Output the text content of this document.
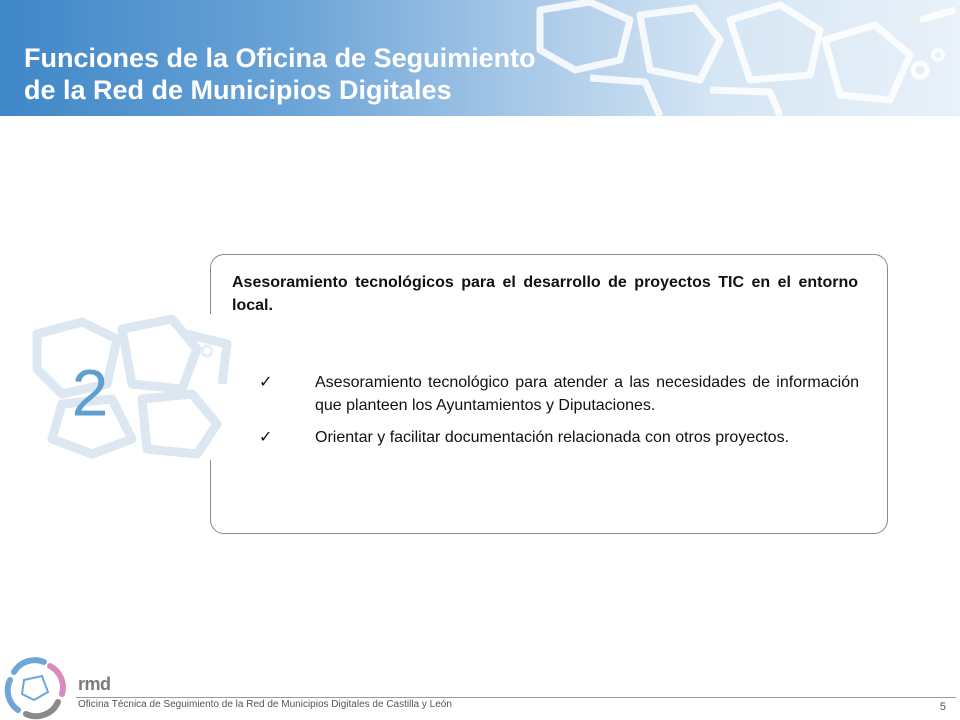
Funciones de la Oficina de Seguimiento
de la Red de Municipios Digitales

Asesoramiento tecnológicos para el desarrollo de proyectos TIC en el entorno local.

✓	Asesoramiento tecnológico para atender a las necesidades de información que planteen los Ayuntamientos y Diputaciones.
✓	Orientar y facilitar documentación relacionada con otros proyectos.
2
rmd
Oficina Técnica de Seguimiento de la Red de Municipios Digitales de Castilla y León	5
